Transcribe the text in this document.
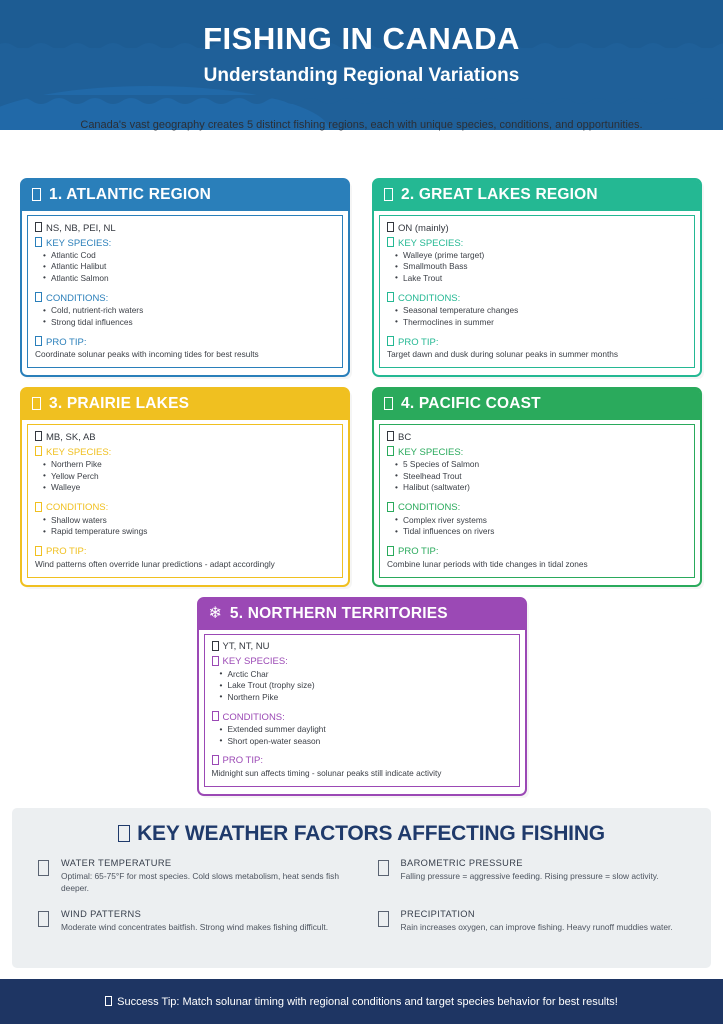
FISHING IN CANADA
Understanding Regional Variations
Canada's vast geography creates 5 distinct fishing regions, each with unique species, conditions, and opportunities.
1. ATLANTIC REGION
NS, NB, PEI, NL
KEY SPECIES:
• Atlantic Cod
• Atlantic Halibut
• Atlantic Salmon
CONDITIONS:
• Cold, nutrient-rich waters
• Strong tidal influences
PRO TIP:
Coordinate solunar peaks with incoming tides for best results
2. GREAT LAKES REGION
ON (mainly)
KEY SPECIES:
• Walleye (prime target)
• Smallmouth Bass
• Lake Trout
CONDITIONS:
• Seasonal temperature changes
• Thermoclines in summer
PRO TIP:
Target dawn and dusk during solunar peaks in summer months
3. PRAIRIE LAKES
MB, SK, AB
KEY SPECIES:
• Northern Pike
• Yellow Perch
• Walleye
CONDITIONS:
• Shallow waters
• Rapid temperature swings
PRO TIP:
Wind patterns often override lunar predictions - adapt accordingly
4. PACIFIC COAST
BC
KEY SPECIES:
• 5 Species of Salmon
• Steelhead Trout
• Halibut (saltwater)
CONDITIONS:
• Complex river systems
• Tidal influences on rivers
PRO TIP:
Combine lunar periods with tide changes in tidal zones
❄ 5. NORTHERN TERRITORIES
YT, NT, NU
KEY SPECIES:
• Arctic Char
• Lake Trout (trophy size)
• Northern Pike
CONDITIONS:
• Extended summer daylight
• Short open-water season
PRO TIP:
Midnight sun affects timing - solunar peaks still indicate activity
KEY WEATHER FACTORS AFFECTING FISHING
WATER TEMPERATURE
Optimal: 65-75°F for most species. Cold slows metabolism, heat sends fish deeper.
BAROMETRIC PRESSURE
Falling pressure = aggressive feeding. Rising pressure = slow activity.
WIND PATTERNS
Moderate wind concentrates baitfish. Strong wind makes fishing difficult.
PRECIPITATION
Rain increases oxygen, can improve fishing. Heavy runoff muddies water.
Success Tip: Match solunar timing with regional conditions and target species behavior for best results!
